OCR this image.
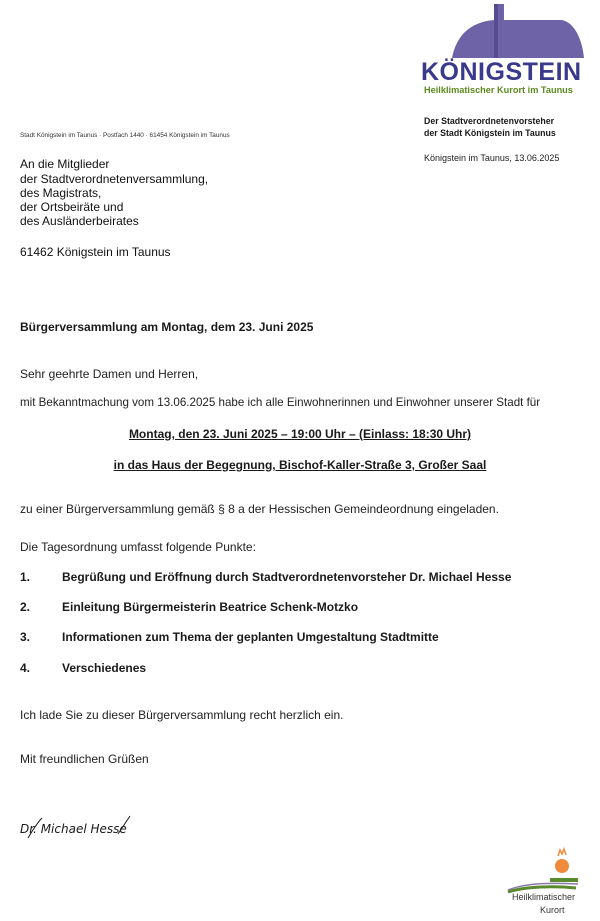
KÖNIGSTEIN
Heilklimatischer Kurort im Taunus
Der Stadtverordnetenvorsteher
der Stadt Königstein im Taunus
Königstein im Taunus, 13.06.2025
Stadt Königstein im Taunus · Postfach 1440 · 61454 Königstein im Taunus
An die Mitglieder
der Stadtverordnetenversammlung,
des Magistrats,
der Ortsbeiräte und
des Ausländerbeirates
61462 Königstein im Taunus
Bürgerversammlung am Montag, dem 23. Juni 2025
Sehr geehrte Damen und Herren,
mit Bekanntmachung vom 13.06.2025 habe ich alle Einwohnerinnen und Einwohner unserer Stadt für
Montag, den 23. Juni 2025 – 19:00 Uhr – (Einlass: 18:30 Uhr)
in das Haus der Begegnung, Bischof-Kaller-Straße 3, Großer Saal
zu einer Bürgerversammlung gemäß § 8 a der Hessischen Gemeindeordnung eingeladen.
Die Tagesordnung umfasst folgende Punkte:
1.	Begrüßung und Eröffnung durch Stadtverordnetenvorsteher Dr. Michael Hesse
2.	Einleitung Bürgermeisterin Beatrice Schenk-Motzko
3.	Informationen zum Thema der geplanten Umgestaltung Stadtmitte
4.	Verschiedenes
Ich lade Sie zu dieser Bürgerversammlung recht herzlich ein.
Mit freundlichen Grüßen
Dr. Michael Hesse
Heilklimatischer
Kurort
